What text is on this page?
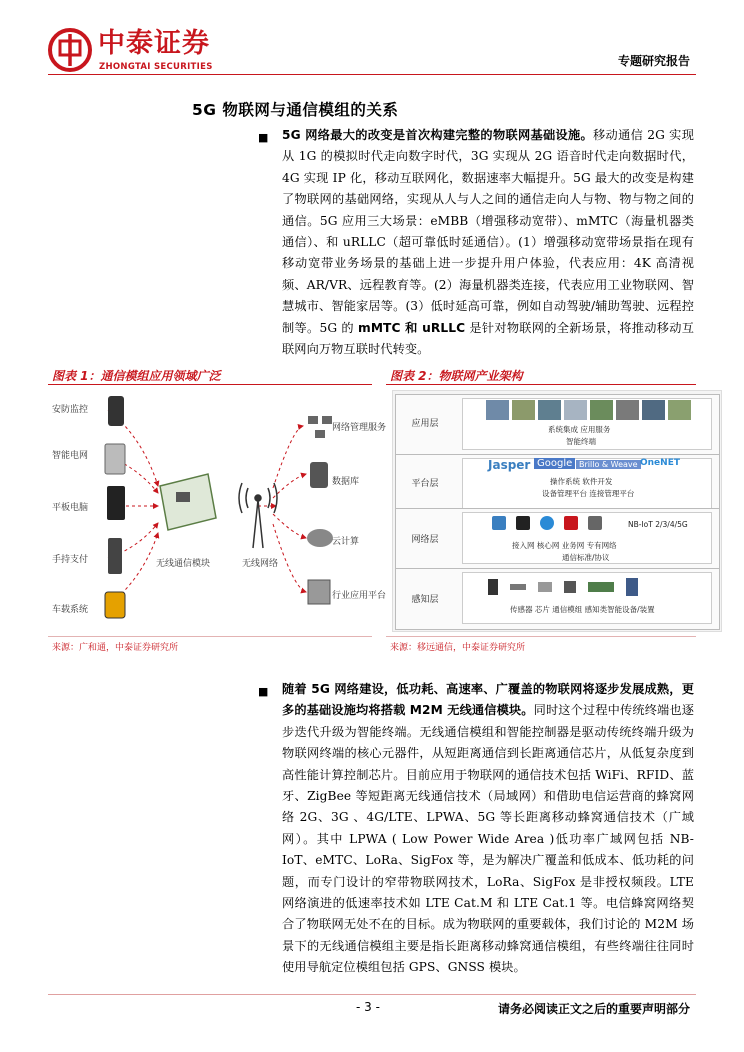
中泰证券
ZHONGTAI SECURITIES	专题研究报告
5G 物联网与通信模组的关系
■ 5G 网络最大的改变是首次构建完整的物联网基础设施。移动通信 2G 实现从 1G 的模拟时代走向数字时代，3G 实现从 2G 语音时代走向数据时代，4G 实现 IP 化，移动互联网化，数据速率大幅提升。5G 最大的改变是构建了物联网的基础网络，实现从人与人之间的通信走向人与物、物与物之间的通信。5G 应用三大场景：eMBB（增强移动宽带）、mMTC（海量机器类通信）、和 uRLLC（超可靠低时延通信）。(1）增强移动宽带场景指在现有移动宽带业务场景的基础上进一步提升用户体验，代表应用：4K 高清视频、AR/VR、远程教育等。(2）海量机器类连接，代表应用工业物联网、智慧城市、智能家居等。(3）低时延高可靠，例如自动驾驶/辅助驾驶、远程控制等。5G 的 mMTC 和 uRLLC 是针对物联网的全新场景，将推动移动互联网向万物互联时代转变。
图表 1：通信模组应用领域广泛	图表 2：物联网产业架构
安防监控
智能电网
平板电脑
手持支付
车载系统
无线通信模块	无线网络
网络管理服务
数据库
云计算
行业应用平台
应用层
系统集成 应用服务
智能终端
平台层
Jasper Google Brillo & Weave OneNET
操作系统 软件开发
设备管理平台 连接管理平台
网络层
NB-IoT 2/3/4/5G
接入网 核心网 业务网 专有网络
通信标准/协议
感知层
传感器 芯片 通信模组 感知类智能设备/装置
来源：广和通，中泰证券研究所	来源：移远通信，中泰证券研究所
■ 随着 5G 网络建设，低功耗、高速率、广覆盖的物联网将逐步发展成熟，更多的基础设施均将搭载 M2M 无线通信模块。同时这个过程中传统终端也逐步迭代升级为智能终端。无线通信模组和智能控制器是驱动传统终端升级为物联网终端的核心元器件，从短距离通信到长距离通信芯片，从低复杂度到高性能计算控制芯片。目前应用于物联网的通信技术包括 WiFi、RFID、蓝牙、ZigBee 等短距离无线通信技术（局域网）和借助电信运营商的蜂窝网络 2G、3G 、4G/LTE、LPWA、5G 等长距离移动蜂窝通信技术（广域网）。其中 LPWA ( Low Power Wide Area )低功率广域网包括 NB-IoT、eMTC、LoRa、SigFox 等，是为解决广覆盖和低成本、低功耗的问题，而专门设计的窄带物联网技术，LoRa、SigFox 是非授权频段。LTE 网络演进的低速率技术如 LTE Cat.M 和 LTE Cat.1 等。电信蜂窝网络契合了物联网无处不在的目标。成为物联网的重要载体，我们讨论的 M2M 场景下的无线通信模组主要是指长距离移动蜂窝通信模组，有些终端往往同时使用导航定位模组包括 GPS、GNSS 模块。
- 3 -	请务必阅读正文之后的重要声明部分
